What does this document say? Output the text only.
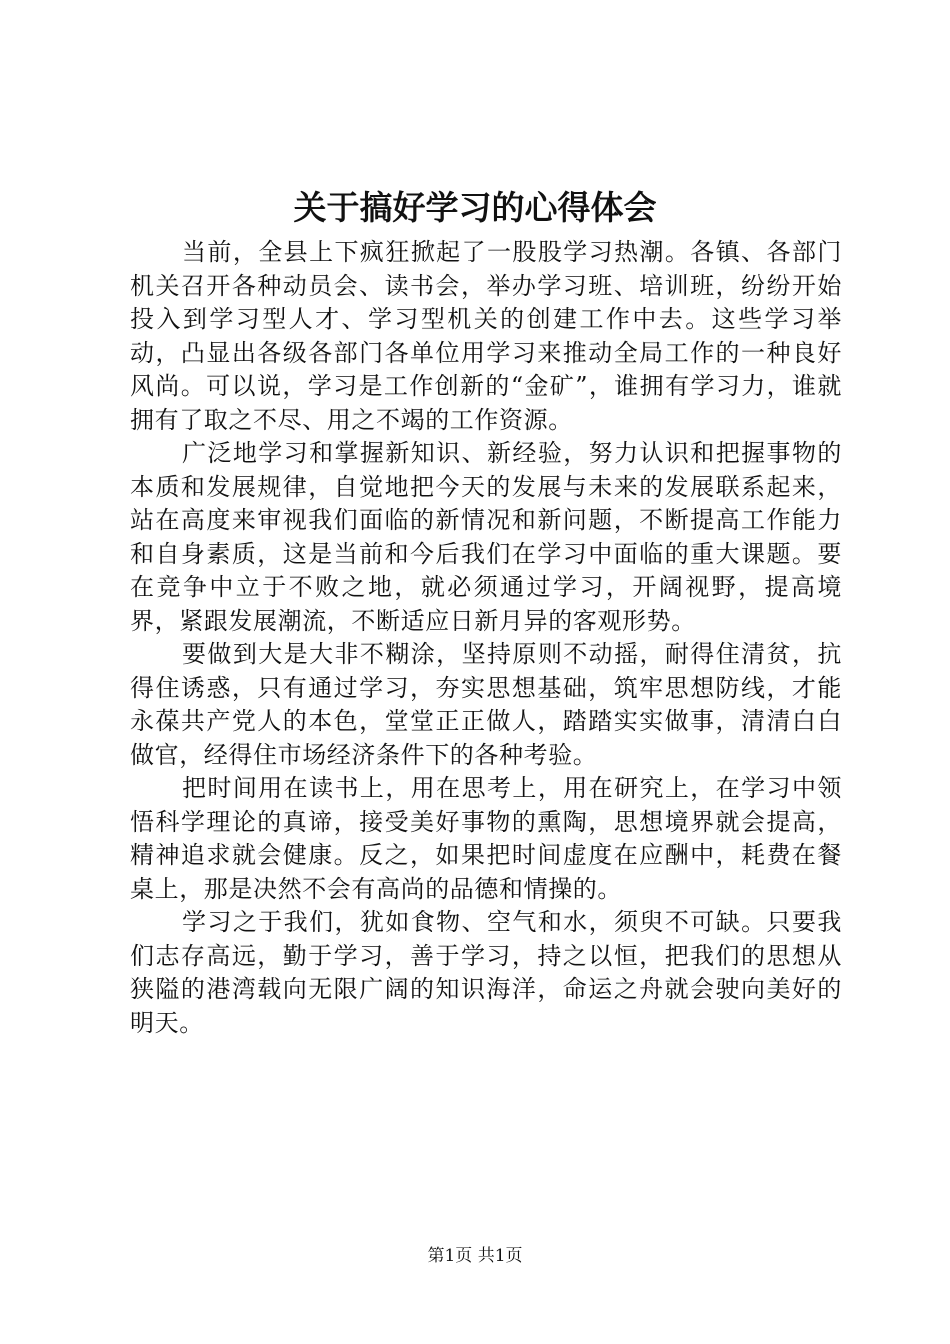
关于搞好学习的心得体会

当前，全县上下疯狂掀起了一股股学习热潮。各镇、各部门机关召开各种动员会、读书会，举办学习班、培训班，纷纷开始投入到学习型人才、学习型机关的创建工作中去。这些学习举动，凸显出各级各部门各单位用学习来推动全局工作的一种良好风尚。可以说，学习是工作创新的“金矿”，谁拥有学习力，谁就拥有了取之不尽、用之不竭的工作资源。

广泛地学习和掌握新知识、新经验，努力认识和把握事物的本质和发展规律，自觉地把今天的发展与未来的发展联系起来，站在高度来审视我们面临的新情况和新问题，不断提高工作能力和自身素质，这是当前和今后我们在学习中面临的重大课题。要在竞争中立于不败之地，就必须通过学习，开阔视野，提高境界，紧跟发展潮流，不断适应日新月异的客观形势。

要做到大是大非不糊涂，坚持原则不动摇，耐得住清贫，抗得住诱惑，只有通过学习，夯实思想基础，筑牢思想防线，才能永葆共产党人的本色，堂堂正正做人，踏踏实实做事，清清白白做官，经得住市场经济条件下的各种考验。

把时间用在读书上，用在思考上，用在研究上，在学习中领悟科学理论的真谛，接受美好事物的熏陶，思想境界就会提高，精神追求就会健康。反之，如果把时间虚度在应酬中，耗费在餐桌上，那是决然不会有高尚的品德和情操的。

学习之于我们，犹如食物、空气和水，须臾不可缺。只要我们志存高远，勤于学习，善于学习，持之以恒，把我们的思想从狭隘的港湾载向无限广阔的知识海洋，命运之舟就会驶向美好的明天。

第1页 共1页
